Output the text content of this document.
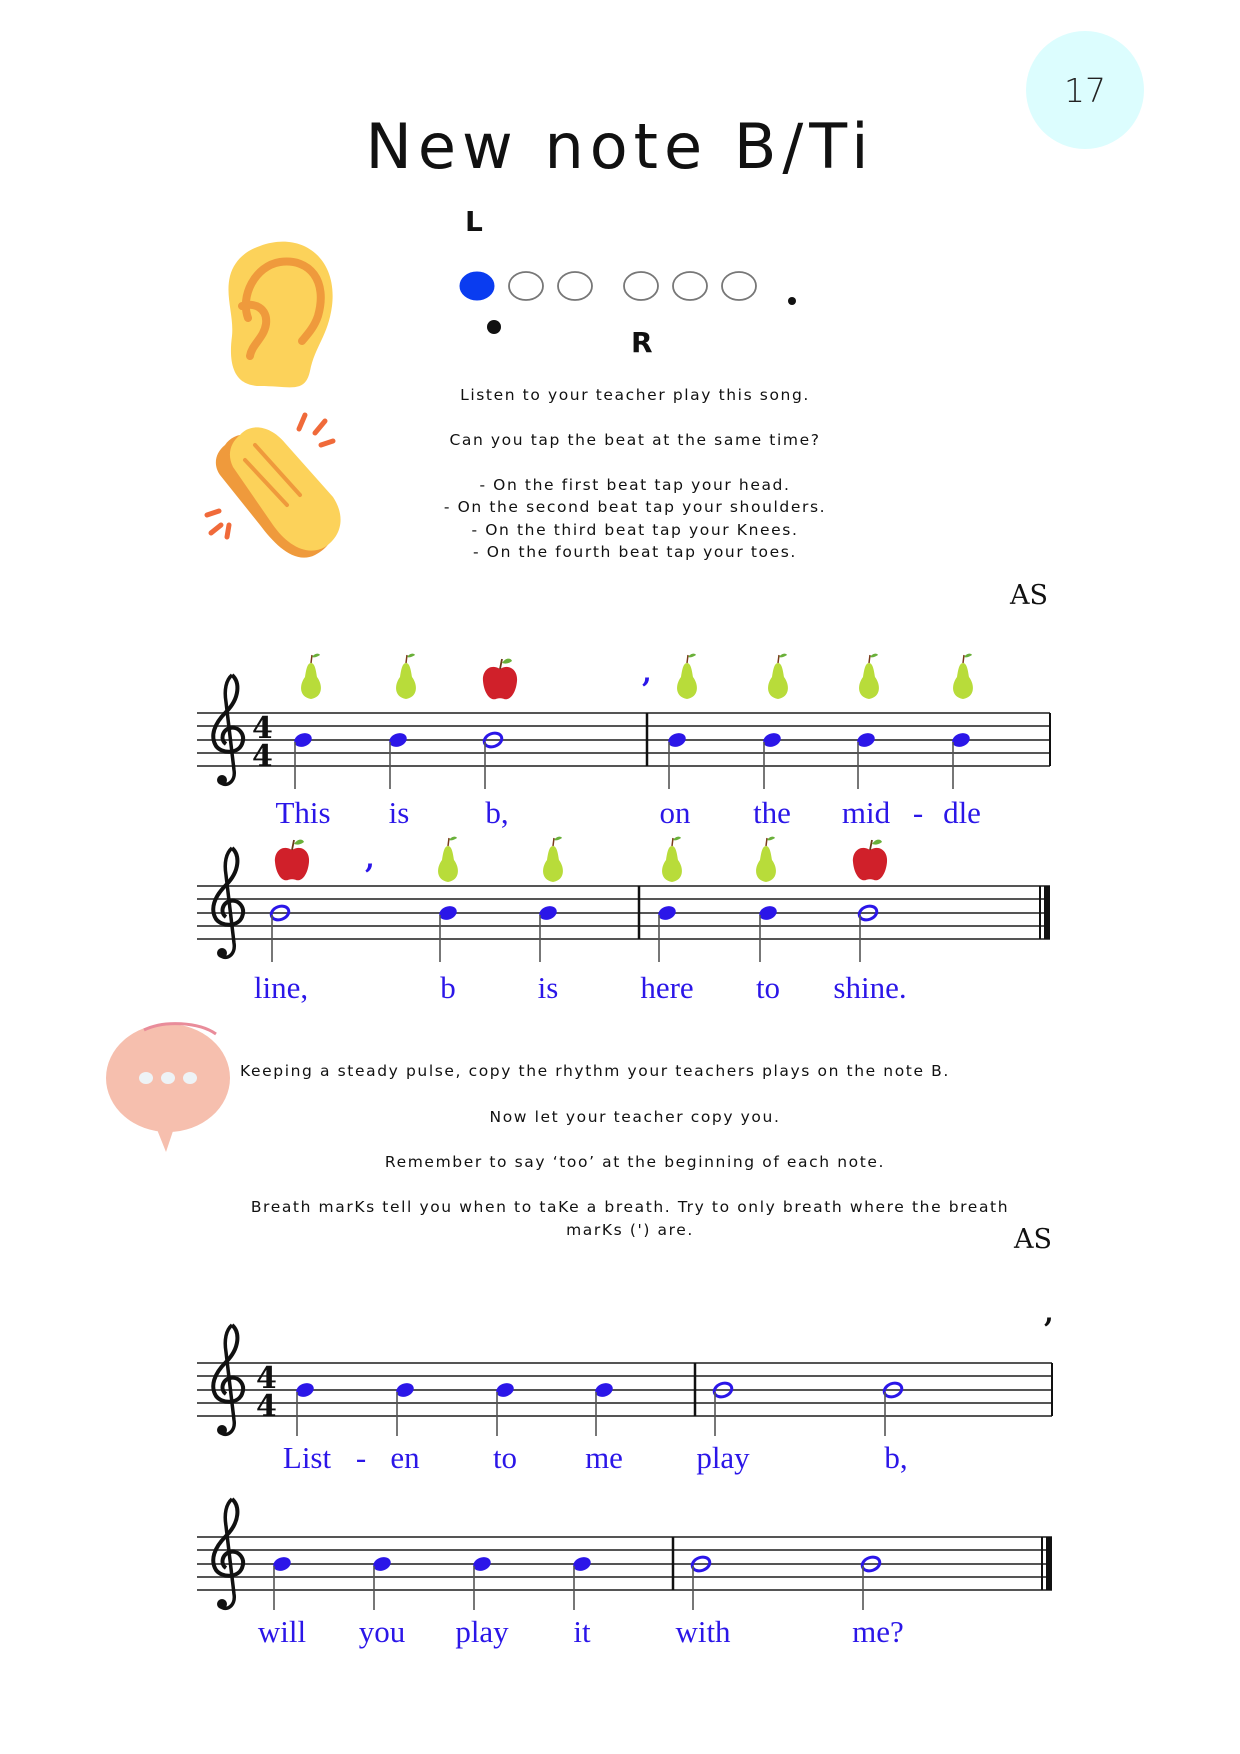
17
New note B/Ti
L
R
Listen to your teacher play this song.
Can you tap the beat at the same time?
- On the first beat tap your head.
- On the second beat tap your shoulders.
- On the third beat tap your Knees.
- On the fourth beat tap your toes.
AS
4
4
,
,
,
4
4
This is b,	on the mid - dle
line,	b	is	here to shine.
Keeping a steady pulse, copy the rhythm your teachers plays on the note B.
Now let your teacher copy you.
Remember to say ‘too’ at the beginning of each note.
Breath marKs tell you when to taKe a breath. Try to only breath where the breath
marKs (') are.	AS
List - en to me play	b,
will you play it	with	me?
